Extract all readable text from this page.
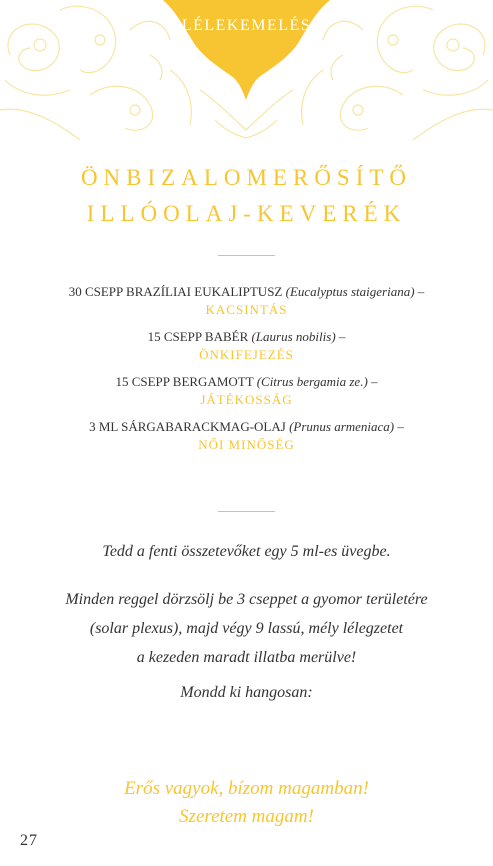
LÉLEKEMELÉS
ÖNBIZALOMERŐSÍTŐ
ILLÓOLAJ-KEVERÉK
30 CSEPP BRAZÍLIAI EUKALIPTUSZ (Eucalyptus staigeriana) –
KACSINTÁS
15 CSEPP BABÉR (Laurus nobilis) –
ÖNKIFEJEZÉS
15 CSEPP BERGAMOTT (Citrus bergamia ze.) –
JÁTÉKOSSÁG
3 ML SÁRGABARACKMAG-OLAJ (Prunus armeniaca) –
NŐI MINŐSÉG
Tedd a fenti összetevőket egy 5 ml-es üvegbe.
Minden reggel dörzsölj be 3 cseppet a gyomor területére
(solar plexus), majd végy 9 lassú, mély lélegzetet
a kezeden maradt illatba merülve!
Mondd ki hangosan:
Erős vagyok, bízom magamban!
Szeretem magam!
27
